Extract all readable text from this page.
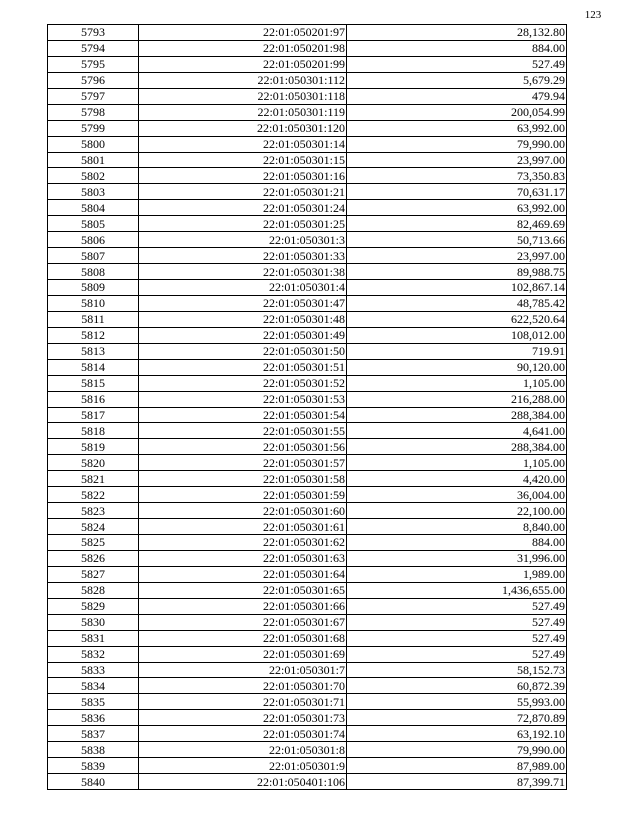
123
5793	22:01:050201:97	28,132.80
5794	22:01:050201:98	884.00
5795	22:01:050201:99	527.49
5796	22:01:050301:112	5,679.29
5797	22:01:050301:118	479.94
5798	22:01:050301:119	200,054.99
5799	22:01:050301:120	63,992.00
5800	22:01:050301:14	79,990.00
5801	22:01:050301:15	23,997.00
5802	22:01:050301:16	73,350.83
5803	22:01:050301:21	70,631.17
5804	22:01:050301:24	63,992.00
5805	22:01:050301:25	82,469.69
5806	22:01:050301:3	50,713.66
5807	22:01:050301:33	23,997.00
5808	22:01:050301:38	89,988.75
5809	22:01:050301:4	102,867.14
5810	22:01:050301:47	48,785.42
5811	22:01:050301:48	622,520.64
5812	22:01:050301:49	108,012.00
5813	22:01:050301:50	719.91
5814	22:01:050301:51	90,120.00
5815	22:01:050301:52	1,105.00
5816	22:01:050301:53	216,288.00
5817	22:01:050301:54	288,384.00
5818	22:01:050301:55	4,641.00
5819	22:01:050301:56	288,384.00
5820	22:01:050301:57	1,105.00
5821	22:01:050301:58	4,420.00
5822	22:01:050301:59	36,004.00
5823	22:01:050301:60	22,100.00
5824	22:01:050301:61	8,840.00
5825	22:01:050301:62	884.00
5826	22:01:050301:63	31,996.00
5827	22:01:050301:64	1,989.00
5828	22:01:050301:65	1,436,655.00
5829	22:01:050301:66	527.49
5830	22:01:050301:67	527.49
5831	22:01:050301:68	527.49
5832	22:01:050301:69	527.49
5833	22:01:050301:7	58,152.73
5834	22:01:050301:70	60,872.39
5835	22:01:050301:71	55,993.00
5836	22:01:050301:73	72,870.89
5837	22:01:050301:74	63,192.10
5838	22:01:050301:8	79,990.00
5839	22:01:050301:9	87,989.00
5840	22:01:050401:106	87,399.71
